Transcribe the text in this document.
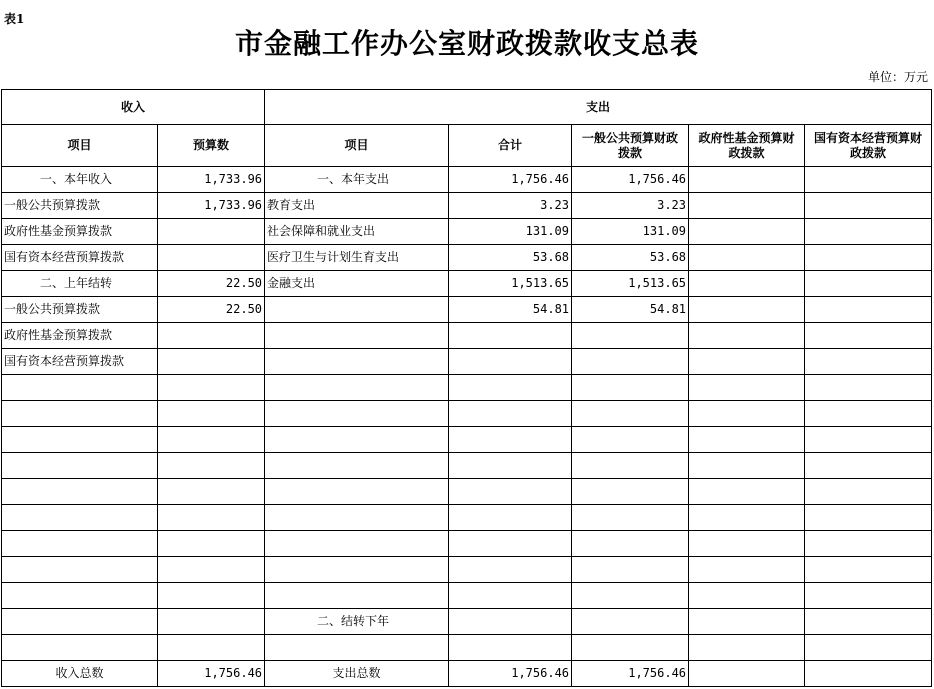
表1
市金融工作办公室财政拨款收支总表
单位：万元
收入		支出				
项目	预算数	项目	合计	一般公共预算财政拨款	政府性基金预算财政拨款	国有资本经营预算财政拨款
一、本年收入	1,733.96	一、本年支出	1,756.46	1,756.46		
一般公共预算拨款	1,733.96	教育支出	3.23	3.23		
政府性基金预算拨款		社会保障和就业支出	131.09	131.09		
国有资本经营预算拨款		医疗卫生与计划生育支出	53.68	53.68		
二、上年结转	22.50	金融支出	1,513.65	1,513.65		
一般公共预算拨款	22.50		54.81	54.81		
政府性基金预算拨款						
国有资本经营预算拨款						

		二、结转下年				

收入总数	1,756.46	支出总数	1,756.46	1,756.46		
